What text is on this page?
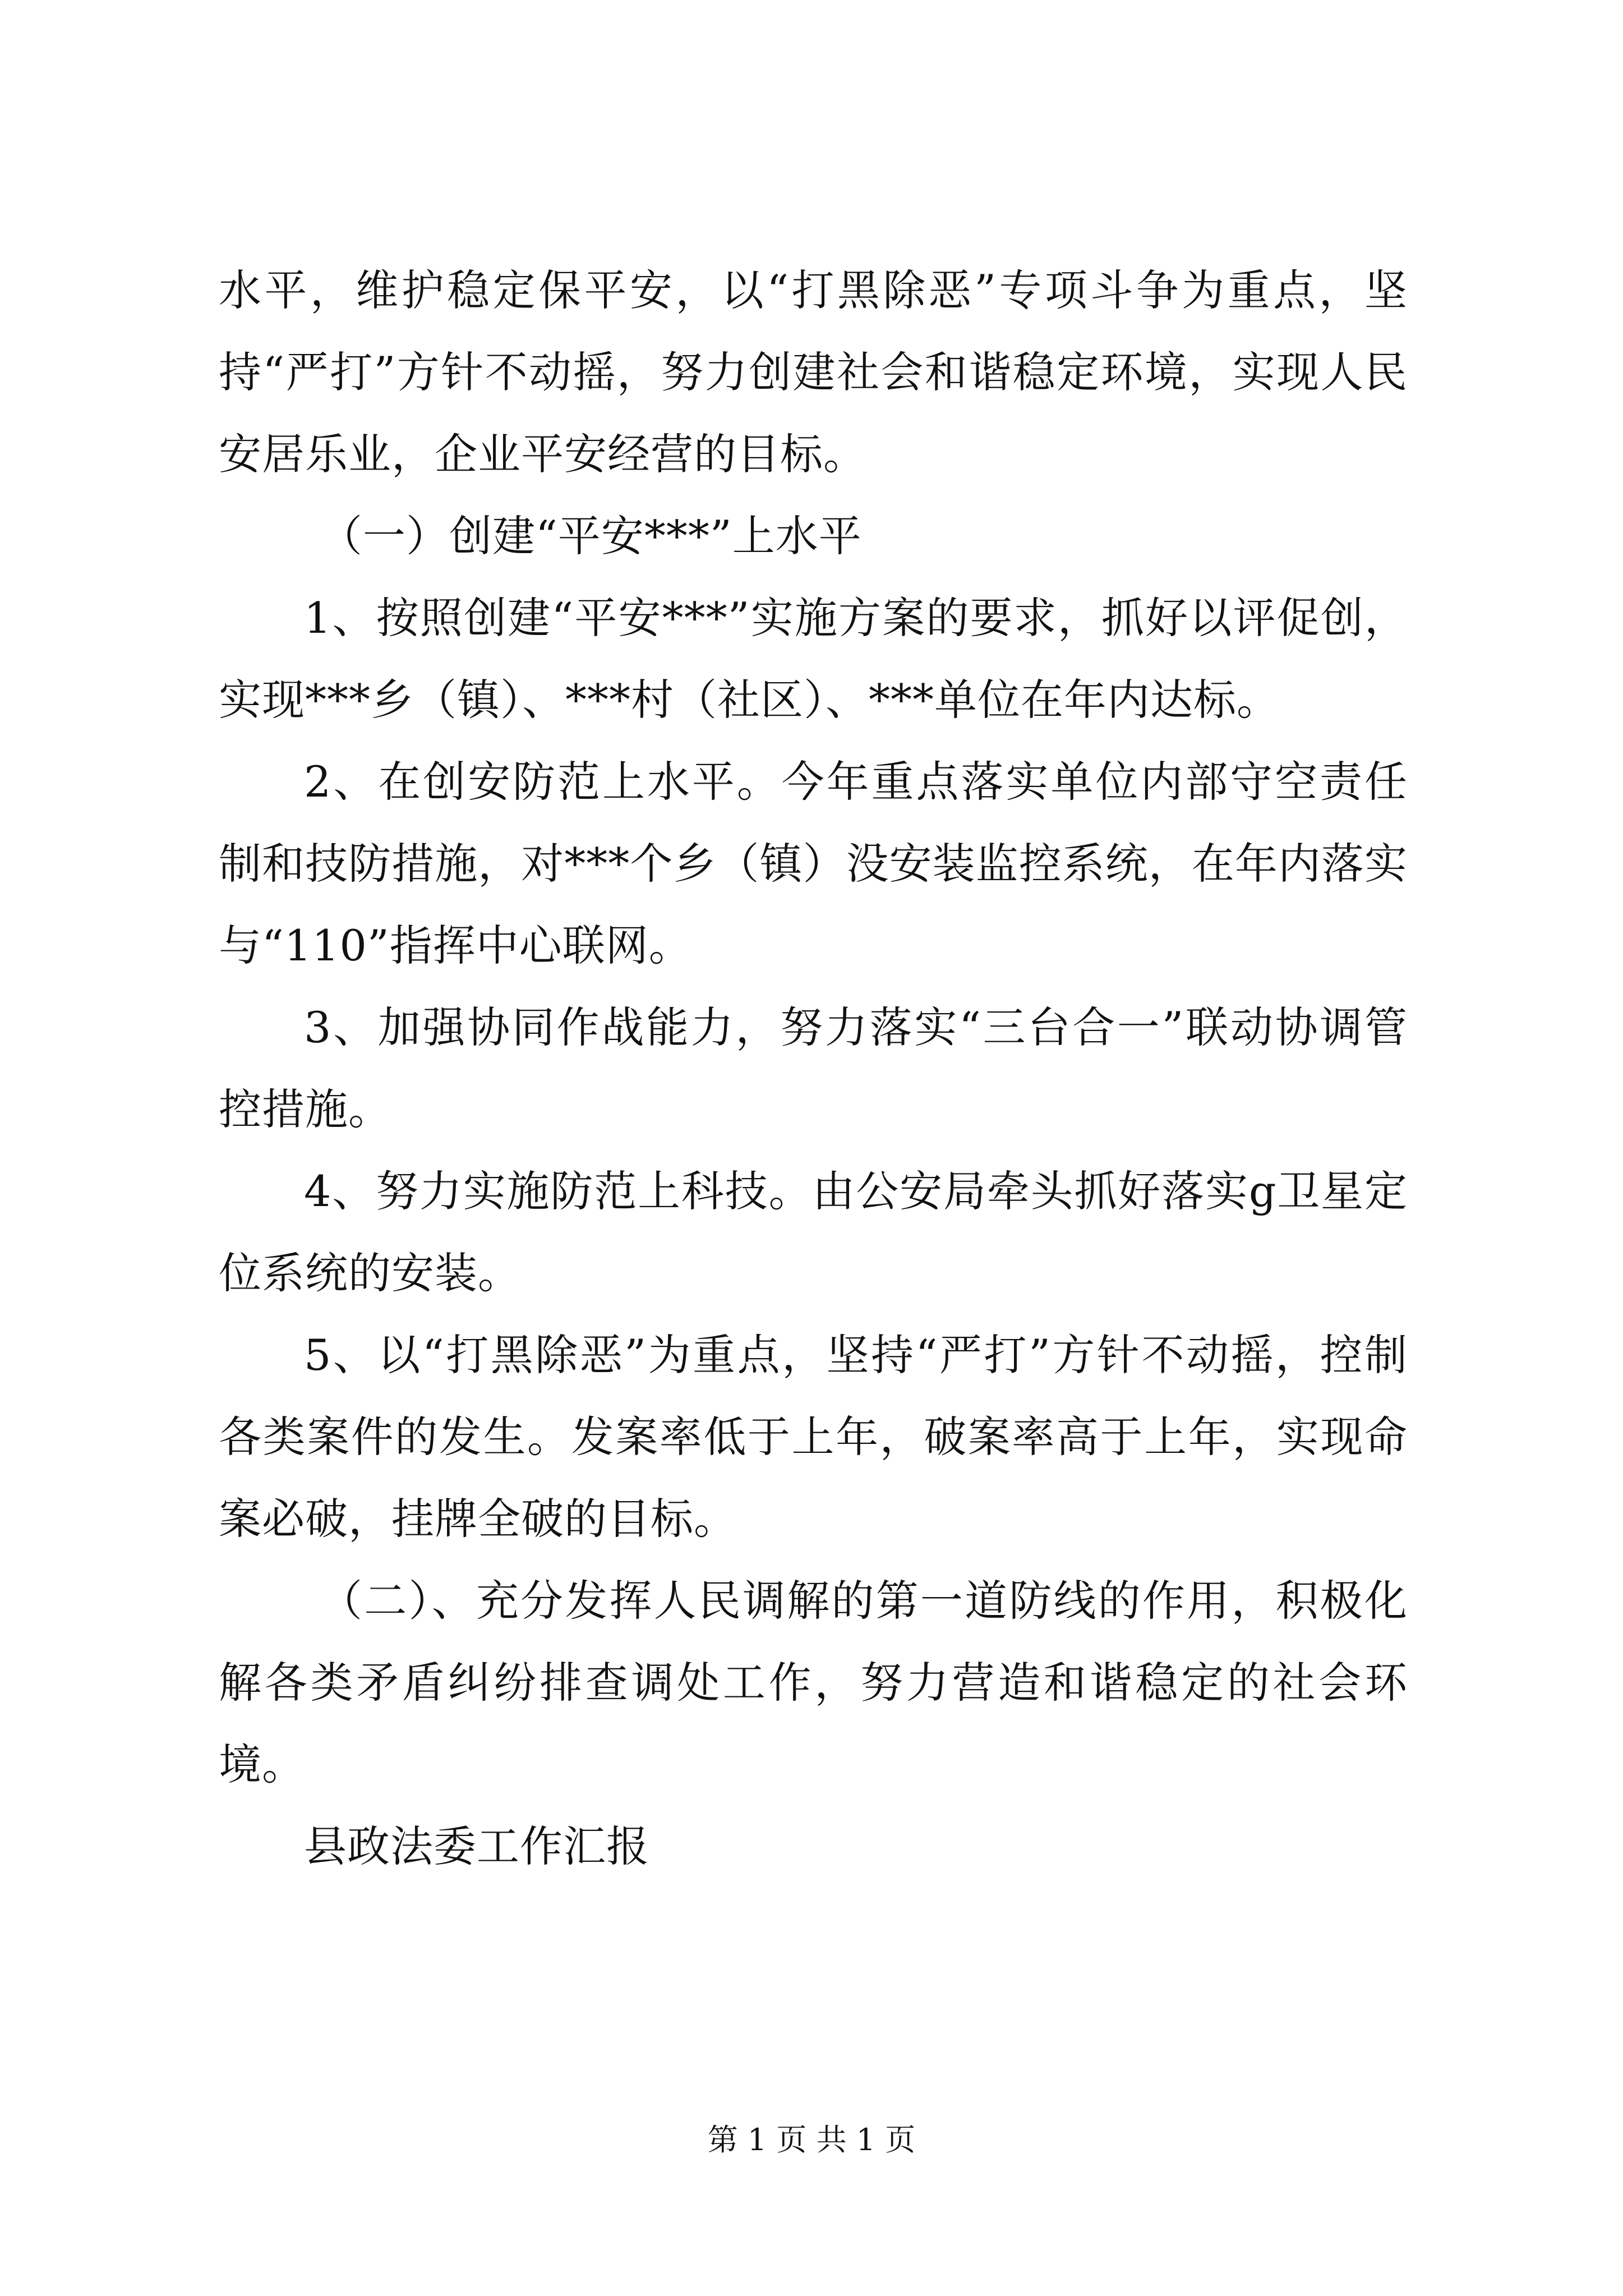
水平，维护稳定保平安，以“打黑除恶”专项斗争为重点，坚持“严打”方针不动摇，努力创建社会和谐稳定环境，实现人民安居乐业，企业平安经营的目标。

（一）创建“平安***”上水平

1、按照创建“平安***”实施方案的要求，抓好以评促创，实现***乡（镇）、***村（社区）、***单位在年内达标。

2、在创安防范上水平。今年重点落实单位内部守空责任制和技防措施，对***个乡（镇）没安装监控系统，在年内落实与“110”指挥中心联网。

3、加强协同作战能力，努力落实“三台合一”联动协调管控措施。

4、努力实施防范上科技。由公安局牵头抓好落实g卫星定位系统的安装。

5、以“打黑除恶”为重点，坚持“严打”方针不动摇，控制各类案件的发生。发案率低于上年，破案率高于上年，实现命案必破，挂牌全破的目标。

（二）、充分发挥人民调解的第一道防线的作用，积极化解各类矛盾纠纷排查调处工作，努力营造和谐稳定的社会环境。

县政法委工作汇报

第 1 页 共 1 页
